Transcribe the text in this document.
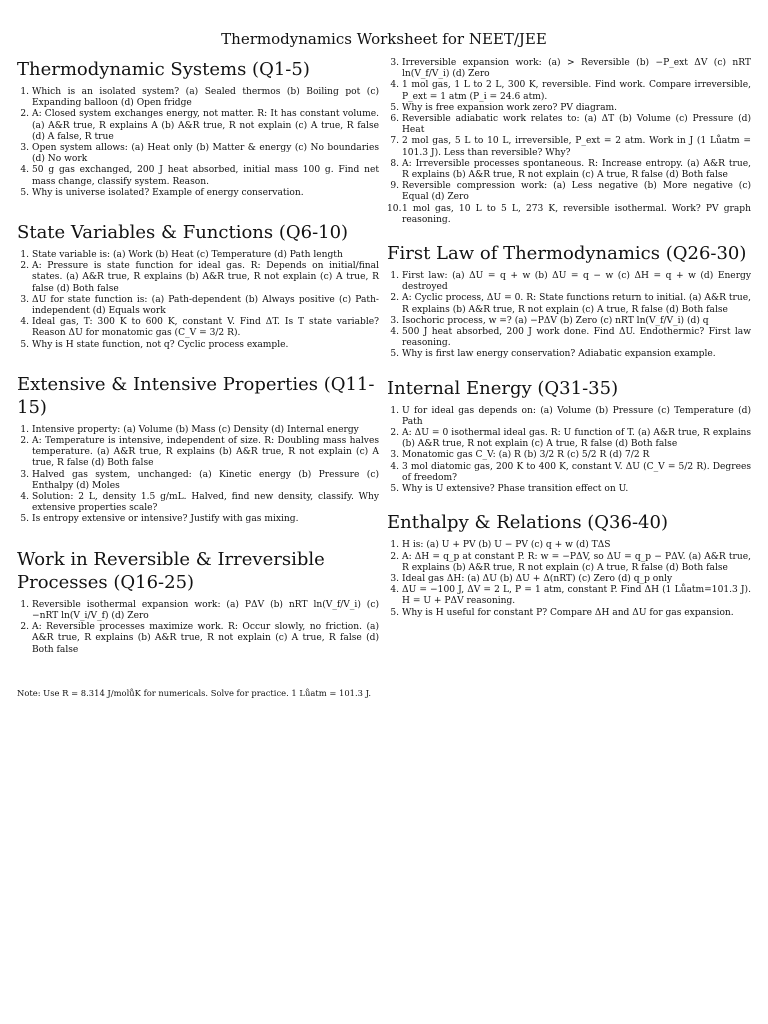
Thermodynamics Worksheet for NEET/JEE
Thermodynamic Systems (Q1-5)
1. Which is an isolated system? (a) Sealed thermos (b) Boiling pot (c) Expanding balloon (d) Open fridge
2. A: Closed system exchanges energy, not matter. R: It has constant volume. (a) A&R true, R explains A (b) A&R true, R not explain (c) A true, R false (d) A false, R true
3. Open system allows: (a) Heat only (b) Matter & energy (c) No boundaries (d) No work
4. 50 g gas exchanged, 200 J heat absorbed, initial mass 100 g. Find net mass change, classify system. Reason.
5. Why is universe isolated? Example of energy conservation.
State Variables & Functions (Q6-10)
1. State variable is: (a) Work (b) Heat (c) Temperature (d) Path length
2. A: Pressure is state function for ideal gas. R: Depends on initial/final states. (a) A&R true, R explains (b) A&R true, R not explain (c) A true, R false (d) Both false
3. ΔU for state function is: (a) Path-dependent (b) Always positive (c) Path-independent (d) Equals work
4. Ideal gas, T: 300 K to 600 K, constant V. Find ΔT. Is T state variable? Reason ΔU for monatomic gas (C_V = 3/2 R).
5. Why is H state function, not q? Cyclic process example.
Extensive & Intensive Properties (Q11-15)
1. Intensive property: (a) Volume (b) Mass (c) Density (d) Internal energy
2. A: Temperature is intensive, independent of size. R: Doubling mass halves temperature. (a) A&R true, R explains (b) A&R true, R not explain (c) A true, R false (d) Both false
3. Halved gas system, unchanged: (a) Kinetic energy (b) Pressure (c) Enthalpy (d) Moles
4. Solution: 2 L, density 1.5 g/mL. Halved, find new density, classify. Why extensive properties scale?
5. Is entropy extensive or intensive? Justify with gas mixing.
Work in Reversible & Irreversible Processes (Q16-25)
1. Reversible isothermal expansion work: (a) PΔV (b) nRT ln(V_f/V_i) (c) −nRT ln(V_i/V_f) (d) Zero
2. A: Reversible processes maximize work. R: Occur slowly, no friction. (a) A&R true, R explains (b) A&R true, R not explain (c) A true, R false (d) Both false
3. Irreversible expansion work: (a) > Reversible (b) −P_ext ΔV (c) nRT ln(V_f/V_i) (d) Zero
4. 1 mol gas, 1 L to 2 L, 300 K, reversible. Find work. Compare irreversible, P_ext = 1 atm (P_i = 24.6 atm).
5. Why is free expansion work zero? PV diagram.
6. Reversible adiabatic work relates to: (a) ΔT (b) Volume (c) Pressure (d) Heat
7. 2 mol gas, 5 L to 10 L, irreversible, P_ext = 2 atm. Work in J (1 Lůatm = 101.3 J). Less than reversible? Why?
8. A: Irreversible processes spontaneous. R: Increase entropy. (a) A&R true, R explains (b) A&R true, R not explain (c) A true, R false (d) Both false
9. Reversible compression work: (a) Less negative (b) More negative (c) Equal (d) Zero
10. 1 mol gas, 10 L to 5 L, 273 K, reversible isothermal. Work? PV graph reasoning.
First Law of Thermodynamics (Q26-30)
1. First law: (a) ΔU = q + w (b) ΔU = q − w (c) ΔH = q + w (d) Energy destroyed
2. A: Cyclic process, ΔU = 0. R: State functions return to initial. (a) A&R true, R explains (b) A&R true, R not explain (c) A true, R false (d) Both false
3. Isochoric process, w =? (a) −PΔV (b) Zero (c) nRT ln(V_f/V_i) (d) q
4. 500 J heat absorbed, 200 J work done. Find ΔU. Endothermic? First law reasoning.
5. Why is first law energy conservation? Adiabatic expansion example.
Internal Energy (Q31-35)
1. U for ideal gas depends on: (a) Volume (b) Pressure (c) Temperature (d) Path
2. A: ΔU = 0 isothermal ideal gas. R: U function of T. (a) A&R true, R explains (b) A&R true, R not explain (c) A true, R false (d) Both false
3. Monatomic gas C_V: (a) R (b) 3/2 R (c) 5/2 R (d) 7/2 R
4. 3 mol diatomic gas, 200 K to 400 K, constant V. ΔU (C_V = 5/2 R). Degrees of freedom?
5. Why is U extensive? Phase transition effect on U.
Enthalpy & Relations (Q36-40)
1. H is: (a) U + PV (b) U − PV (c) q + w (d) TΔS
2. A: ΔH = q_p at constant P. R: w = −PΔV, so ΔU = q_p − PΔV. (a) A&R true, R explains (b) A&R true, R not explain (c) A true, R false (d) Both false
3. Ideal gas ΔH: (a) ΔU (b) ΔU + Δ(nRT) (c) Zero (d) q_p only
4. ΔU = −100 J, ΔV = 2 L, P = 1 atm, constant P. Find ΔH (1 Lůatm=101.3 J). H = U + PΔV reasoning.
5. Why is H useful for constant P? Compare ΔH and ΔU for gas expansion.
Note: Use R = 8.314 J/molůK for numericals. Solve for practice. 1 Lůatm = 101.3 J.
